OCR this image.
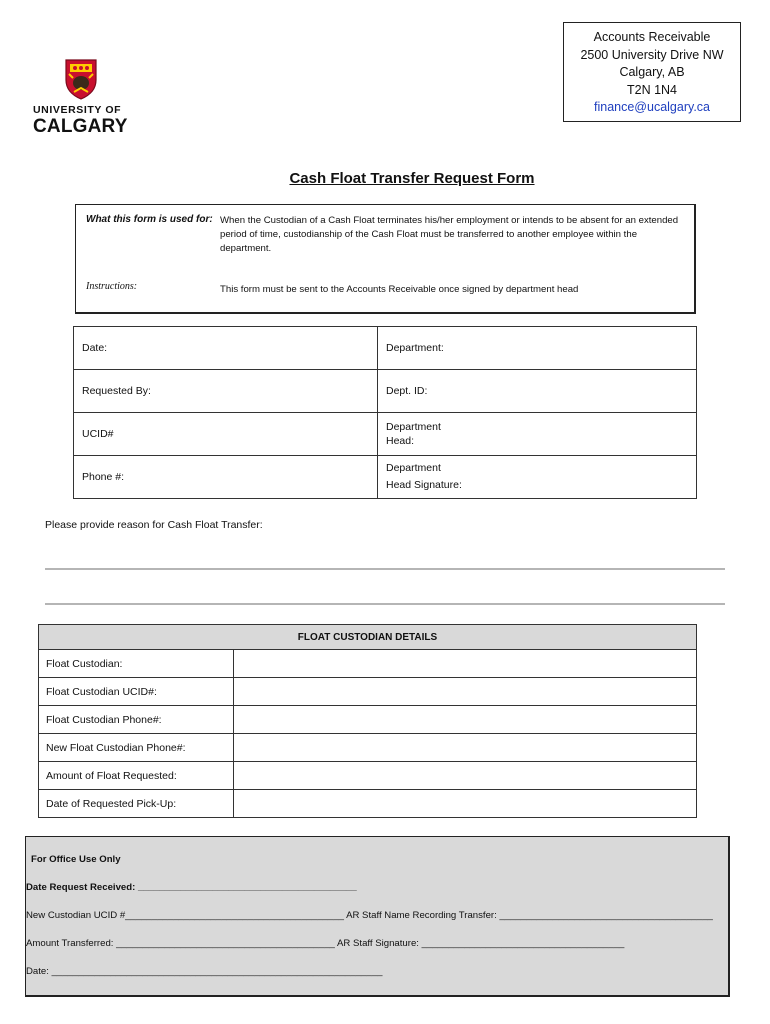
UNIVERSITY OF
CALGARY
Accounts Receivable
2500 University Drive NW
Calgary, AB
T2N 1N4
finance@ucalgary.ca
Cash Float Transfer Request Form
What this form is used for: When the Custodian of a Cash Float terminates his/her employment or intends to be absent for an extended period of time, custodianship of the Cash Float must be transferred to another employee within the department.
Instructions:	This form must be sent to the Accounts Receivable once signed by department head
Date:	Department:
Requested By:	Dept. ID:
UCID#	Department
Head:

Phone #:	Department
Head Signature:
Please provide reason for Cash Float Transfer:
FLOAT CUSTODIAN DETAILS	
Float Custodian:	
Float Custodian UCID#:	
Float Custodian Phone#:	
New Float Custodian Phone#:	
Amount of Float Requested:	
Date of Requested Pick-Up:	
For Office Use Only
Date Request Received: _________________________________________
New Custodian UCID #_________________________________________ AR Staff Name Recording Transfer: ________________________________________
Amount Transferred: _________________________________________ AR Staff Signature: ______________________________________
Date: ______________________________________________________________
